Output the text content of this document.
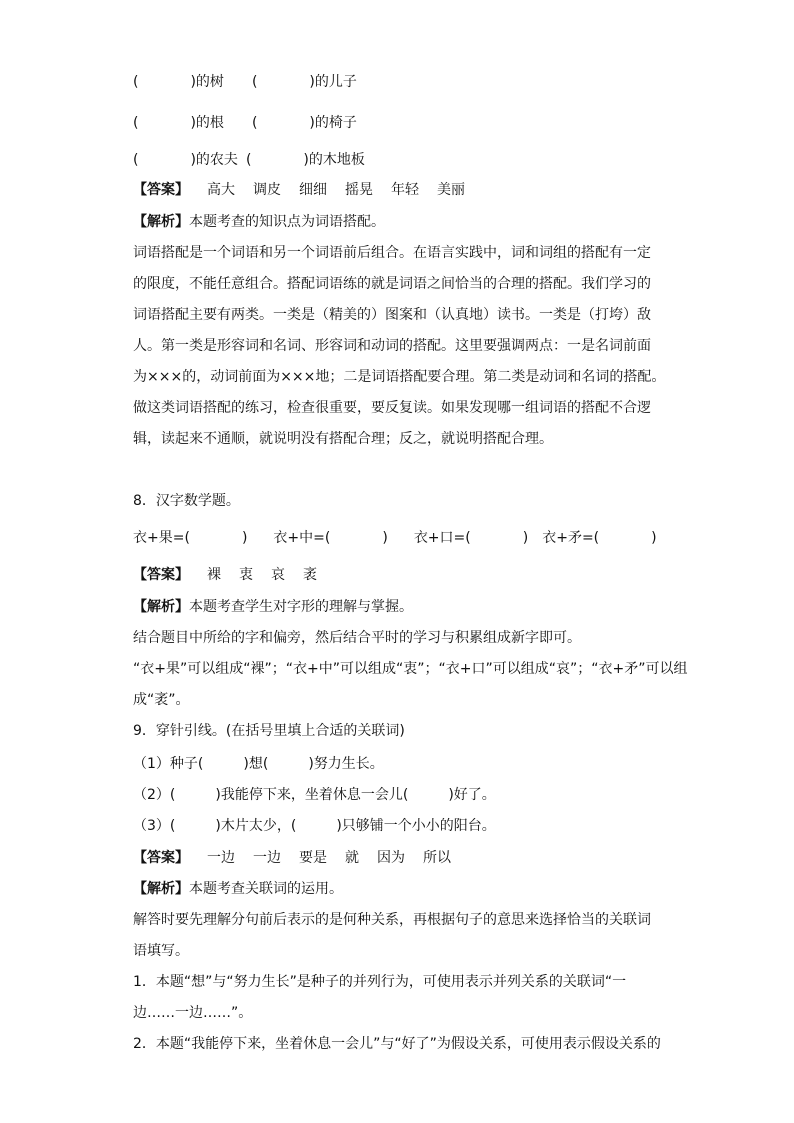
(	)的树 (	)的儿子
(	)的根 (	)的椅子
(	)的农夫 (	)的木地板
【答案】 高大 调皮 细细 摇晃 年轻 美丽
【解析】本题考查的知识点为词语搭配。
词语搭配是一个词语和另一个词语前后组合。在语言实践中，词和词组的搭配有一定
的限度，不能任意组合。搭配词语练的就是词语之间恰当的合理的搭配。我们学习的
词语搭配主要有两类。一类是（精美的）图案和（认真地）读书。一类是（打垮）敌
人。第一类是形容词和名词、形容词和动词的搭配。这里要强调两点：一是名词前面
为×××的，动词前面为×××地；二是词语搭配要合理。第二类是动词和名词的搭配。
做这类词语搭配的练习，检查很重要，要反复读。如果发现哪一组词语的搭配不合逻
辑，读起来不通顺，就说明没有搭配合理；反之，就说明搭配合理。
8．汉字数学题。
衣+果=(	) 衣+中=(	) 衣+口=(	) 衣+矛=(	)
【答案】 裸 衷 哀 袤
【解析】本题考查学生对字形的理解与掌握。
结合题目中所给的字和偏旁，然后结合平时的学习与积累组成新字即可。
“衣+果”可以组成“裸”；“衣+中”可以组成“衷”；“衣+口”可以组成“哀”；“衣+矛”可以组
成“袤”。
9．穿针引线。(在括号里填上合适的关联词)
（1）种子(	)想(	)努力生长。
（2）(	)我能停下来，坐着休息一会儿(	)好了。
（3）(	)木片太少，(	)只够铺一个小小的阳台。
【答案】 一边 一边 要是 就 因为 所以
【解析】本题考查关联词的运用。
解答时要先理解分句前后表示的是何种关系，再根据句子的意思来选择恰当的关联词
语填写。
1．本题“想”与“努力生长”是种子的并列行为，可使用表示并列关系的关联词“一
边……一边……”。
2．本题“我能停下来，坐着休息一会儿”与“好了”为假设关系，可使用表示假设关系的
